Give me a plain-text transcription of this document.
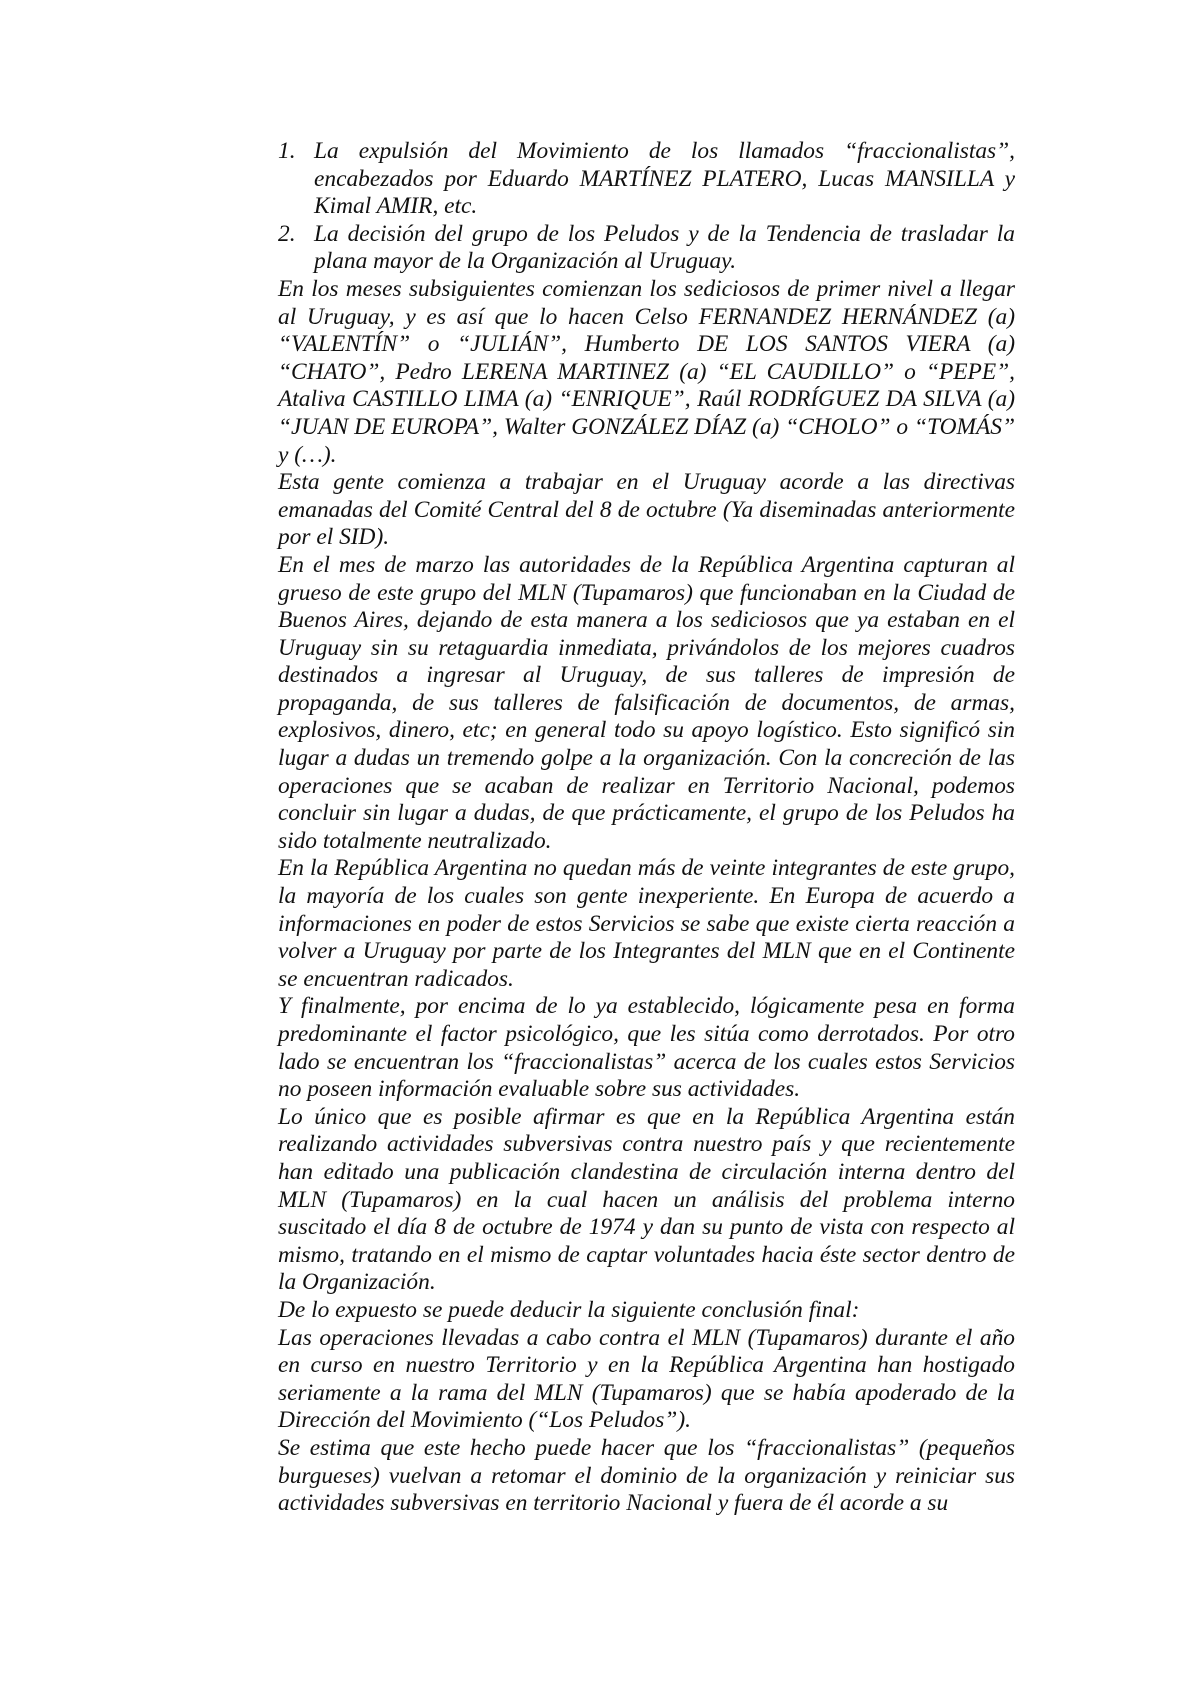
1. La expulsión del Movimiento de los llamados “fraccionalistas”, encabezados por Eduardo MARTÍNEZ PLATERO, Lucas MANSILLA y Kimal AMIR, etc.
2. La decisión del grupo de los Peludos y de la Tendencia de trasladar la plana mayor de la Organización al Uruguay.

En los meses subsiguientes comienzan los sediciosos de primer nivel a llegar al Uruguay, y es así que lo hacen Celso FERNANDEZ HERNÁNDEZ (a) “VALENTÍN” o “JULIÁN”, Humberto DE LOS SANTOS VIERA (a) “CHATO”, Pedro LERENA MARTINEZ (a) “EL CAUDILLO” o “PEPE”, Ataliva CASTILLO LIMA (a) “ENRIQUE”, Raúl RODRÍGUEZ DA SILVA (a) “JUAN DE EUROPA”, Walter GONZÁLEZ DÍAZ (a) “CHOLO” o “TOMÁS” y (…).

Esta gente comienza a trabajar en el Uruguay acorde a las directivas emanadas del Comité Central del 8 de octubre (Ya diseminadas anteriormente por el SID).

En el mes de marzo las autoridades de la República Argentina capturan al grueso de este grupo del MLN (Tupamaros) que funcionaban en la Ciudad de Buenos Aires, dejando de esta manera a los sediciosos que ya estaban en el Uruguay sin su retaguardia inmediata, privándolos de los mejores cuadros destinados a ingresar al Uruguay, de sus talleres de impresión de propaganda, de sus talleres de falsificación de documentos, de armas, explosivos, dinero, etc; en general todo su apoyo logístico. Esto significó sin lugar a dudas un tremendo golpe a la organización. Con la concreción de las operaciones que se acaban de realizar en Territorio Nacional, podemos concluir sin lugar a dudas, de que prácticamente, el grupo de los Peludos ha sido totalmente neutralizado.

En la República Argentina no quedan más de veinte integrantes de este grupo, la mayoría de los cuales son gente inexperiente. En Europa de acuerdo a informaciones en poder de estos Servicios se sabe que existe cierta reacción a volver a Uruguay por parte de los Integrantes del MLN que en el Continente se encuentran radicados.

Y finalmente, por encima de lo ya establecido, lógicamente pesa en forma predominante el factor psicológico, que les sitúa como derrotados. Por otro lado se encuentran los “fraccionalistas” acerca de los cuales estos Servicios no poseen información evaluable sobre sus actividades.

Lo único que es posible afirmar es que en la República Argentina están realizando actividades subversivas contra nuestro país y que recientemente han editado una publicación clandestina de circulación interna dentro del MLN (Tupamaros) en la cual hacen un análisis del problema interno suscitado el día 8 de octubre de 1974 y dan su punto de vista con respecto al mismo, tratando en el mismo de captar voluntades hacia éste sector dentro de la Organización.

De lo expuesto se puede deducir la siguiente conclusión final:

Las operaciones llevadas a cabo contra el MLN (Tupamaros) durante el año en curso en nuestro Territorio y en la República Argentina han hostigado seriamente a la rama del MLN (Tupamaros) que se había apoderado de la Dirección del Movimiento (“Los Peludos”).

Se estima que este hecho puede hacer que los “fraccionalistas” (pequeños burgueses) vuelvan a retomar el dominio de la organización y reiniciar sus actividades subversivas en territorio Nacional y fuera de él acorde a su
